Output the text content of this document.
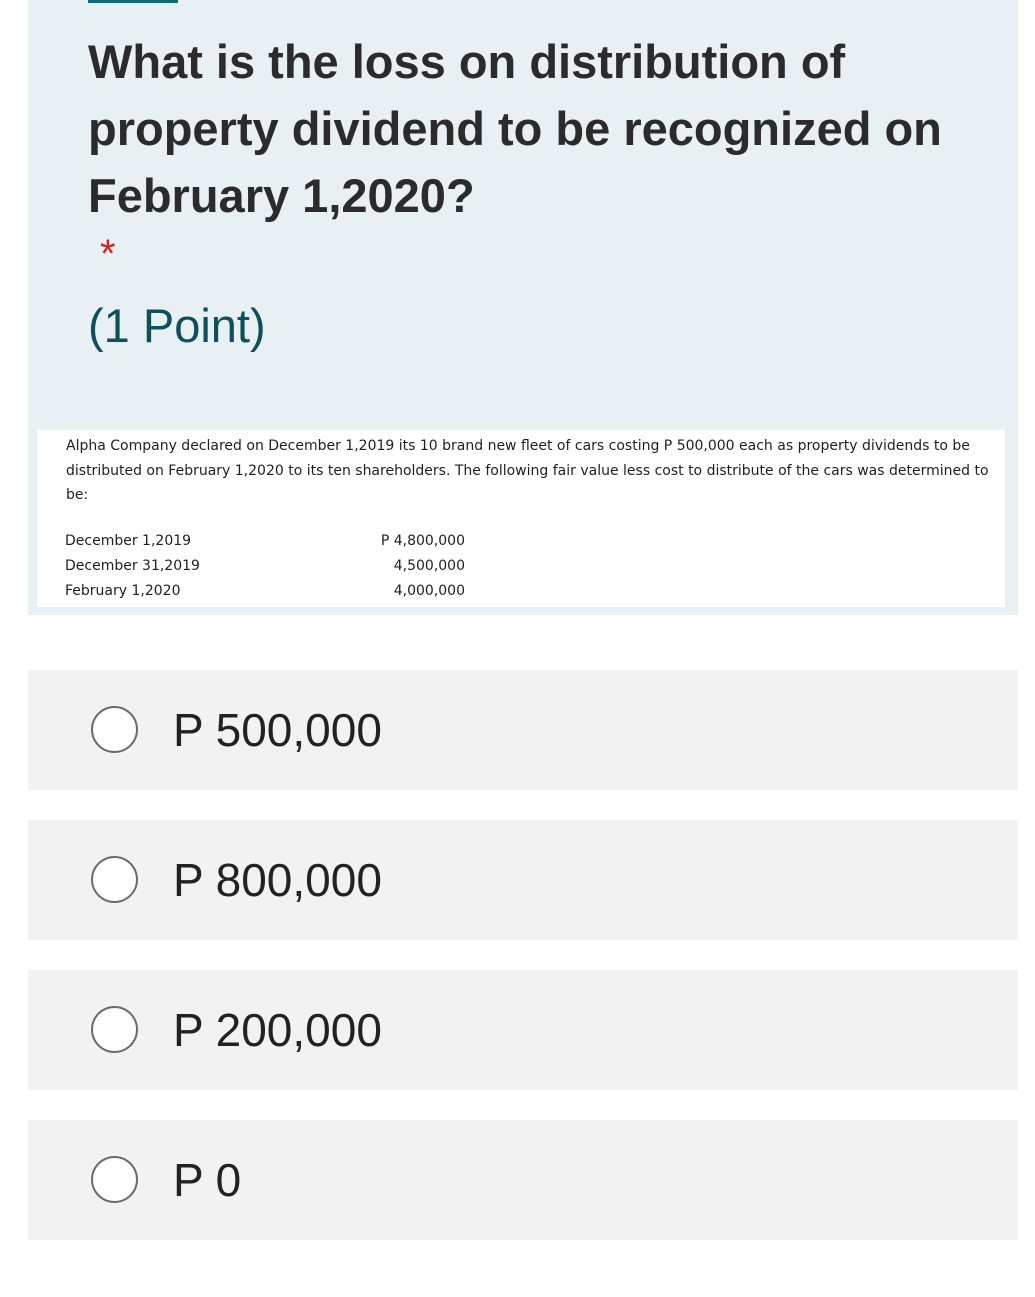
What is the loss on distribution of property dividend to be recognized on February 1,2020?
*
(1 Point)

Alpha Company declared on December 1,2019 its 10 brand new fleet of cars costing P 500,000 each as property dividends to be distributed on February 1,2020 to its ten shareholders. The following fair value less cost to distribute of the cars was determined to be:

December 1,2019	P 4,800,000
December 31,2019	4,500,000
February 1,2020	4,000,000
P 500,000
P 800,000
P 200,000
P 0
